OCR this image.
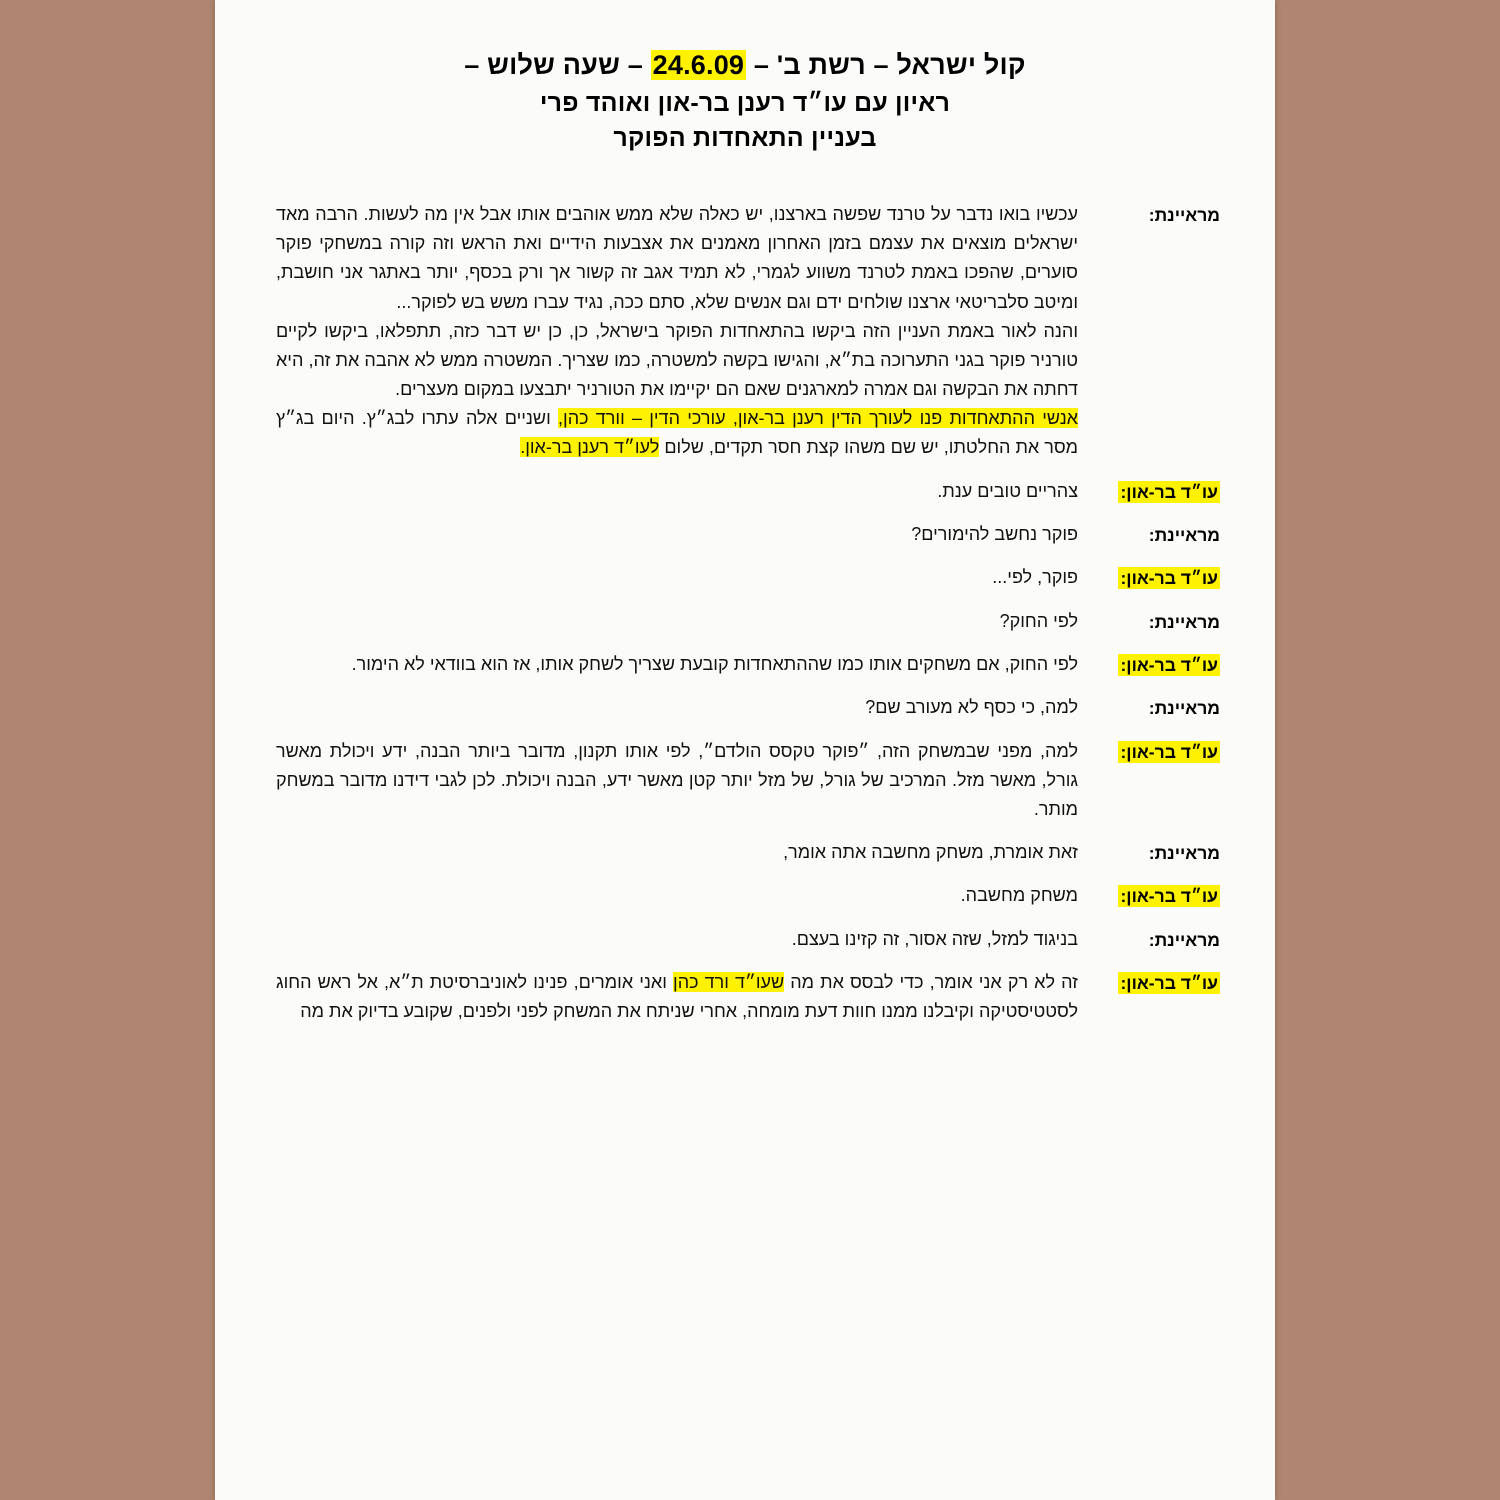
קול ישראל – רשת ב' – 24.6.09 – שעה שלוש –
ראיון עם עו״ד רענן בר-און ואוהד פרי
בעניין התאחדות הפוקר
מראיינת:

עכשיו בואו נדבר על טרנד שפשה בארצנו, יש כאלה שלא ממש אוהבים אותו אבל אין מה לעשות. הרבה מאד ישראלים מוצאים את עצמם בזמן האחרון מאמנים את אצבעות הידיים ואת הראש וזה קורה במשחקי פוקר סוערים, שהפכו באמת לטרנד משווע לגמרי, לא תמיד אגב זה קשור אך ורק בכסף, יותר באתגר אני חושבת, ומיטב סלבריטאי ארצנו שולחים ידם וגם אנשים שלא, סתם ככה, נגיד עברו משש בש לפוקר...

והנה לאור באמת העניין הזה ביקשו בהתאחדות הפוקר בישראל, כן, כן יש דבר כזה, תתפלאו, ביקשו לקיים טורניר פוקר בגני התערוכה בת״א, והגישו בקשה למשטרה, כמו שצריך. המשטרה ממש לא אהבה את זה, היא דחתה את הבקשה וגם אמרה למארגנים שאם הם יקיימו את הטורניר יתבצעו במקום מעצרים.

אנשי ההתאחדות פנו לעורך הדין רענן בר-און, עורכי הדין – וורד כהן, ושניים אלה עתרו לבג״ץ. היום בג״ץ מסר את החלטתו, יש שם משהו קצת חסר תקדים, שלום לעו״ד רענן בר-און.

עו״ד בר-און:

צהריים טובים ענת.

מראיינת:

פוקר נחשב להימורים?

עו״ד בר-און:

פוקר, לפי...

מראיינת:

לפי החוק?

עו״ד בר-און:

לפי החוק, אם משחקים אותו כמו שההתאחדות קובעת שצריך לשחק אותו, אז הוא בוודאי לא הימור.

מראיינת:

למה, כי כסף לא מעורב שם?

עו״ד בר-און:

למה, מפני שבמשחק הזה, ״פוקר טקסס הולדם״, לפי אותו תקנון, מדובר ביותר הבנה, ידע ויכולת מאשר גורל, מאשר מזל. המרכיב של גורל, של מזל יותר קטן מאשר ידע, הבנה ויכולת. לכן לגבי דידנו מדובר במשחק מותר.

מראיינת:

זאת אומרת, משחק מחשבה אתה אומר,

עו״ד בר-און:

משחק מחשבה.

מראיינת:

בניגוד למזל, שזה אסור, זה קזינו בעצם.

עו״ד בר-און:

זה לא רק אני אומר, כדי לבסס את מה שעו״ד ורד כהן ואני אומרים, פנינו לאוניברסיטת ת״א, אל ראש החוג לסטטיסטיקה וקיבלנו ממנו חוות דעת מומחה, אחרי שניתח את המשחק לפני ולפנים, שקובע בדיוק את מה
